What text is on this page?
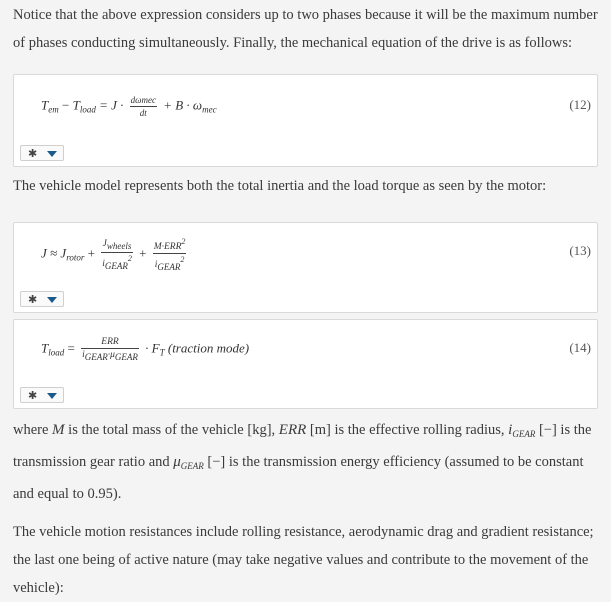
Notice that the above expression considers up to two phases because it will be the maximum number of phases conducting simultaneously. Finally, the mechanical equation of the drive is as follows:

$T_{em} - T_{load} = J \cdot \frac{\text{dωmec}}{dt} + B \cdot \omega_{mec}$	(12)
✱

The vehicle model represents both the total inertia and the load torque as seen by the motor:

$J \approx J_{rotor} + \frac{J_{wheels}}{i_{GEAR}^2} + \frac{M\cdot ERR^2}{i_{GEAR}^2}$	(13)
✱
$T_{load} = \frac{\text{ERR}}{i_{GEAR}\cdot\mu_{GEAR}} \cdot F_T$ (traction mode)	(14)
✱

where M is the total mass of the vehicle [kg], ERR [m] is the effective rolling radius, $i_{GEAR}$ [−] is the transmission gear ratio and $\mu_{GEAR}$ [−] is the transmission energy efficiency (assumed to be constant and equal to 0.95).

The vehicle motion resistances include rolling resistance, aerodynamic drag and gradient resistance; the last one being of active nature (may take negative values and contribute to the movement of the vehicle):
